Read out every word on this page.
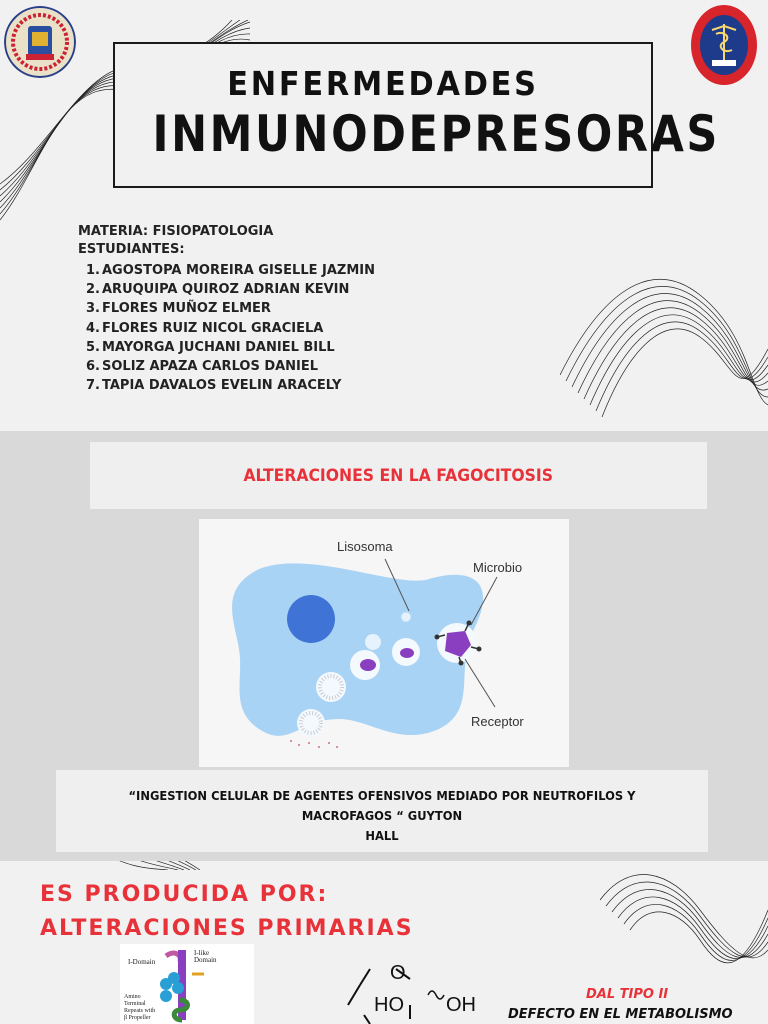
ENFERMEDADES
INMUNODEPRESORAS
MATERIA: FISIOPATOLOGIA
ESTUDIANTES:
1. AGOSTOPA MOREIRA GISELLE JAZMIN
2. ARUQUIPA QUIROZ ADRIAN KEVIN
3. FLORES MUÑOZ ELMER
4. FLORES RUIZ NICOL GRACIELA
5. MAYORGA JUCHANI DANIEL BILL
6. SOLIZ APAZA CARLOS DANIEL
7. TAPIA DAVALOS EVELIN ARACELY
ALTERACIONES EN LA FAGOCITOSIS
Lisosoma
Microbio
Receptor
“INGESTION CELULAR DE AGENTES OFENSIVOS MEDIADO POR NEUTROFILOS Y MACROFAGOS “ GUYTON
HALL
ES PRODUCIDA POR:
ALTERACIONES PRIMARIAS
I-Domain
I-like
Domain
Amino
Terminal
Repeats with
β Propeller
O
HO OH	DAL TIPO II
DEFECTO EN EL METABOLISMO
